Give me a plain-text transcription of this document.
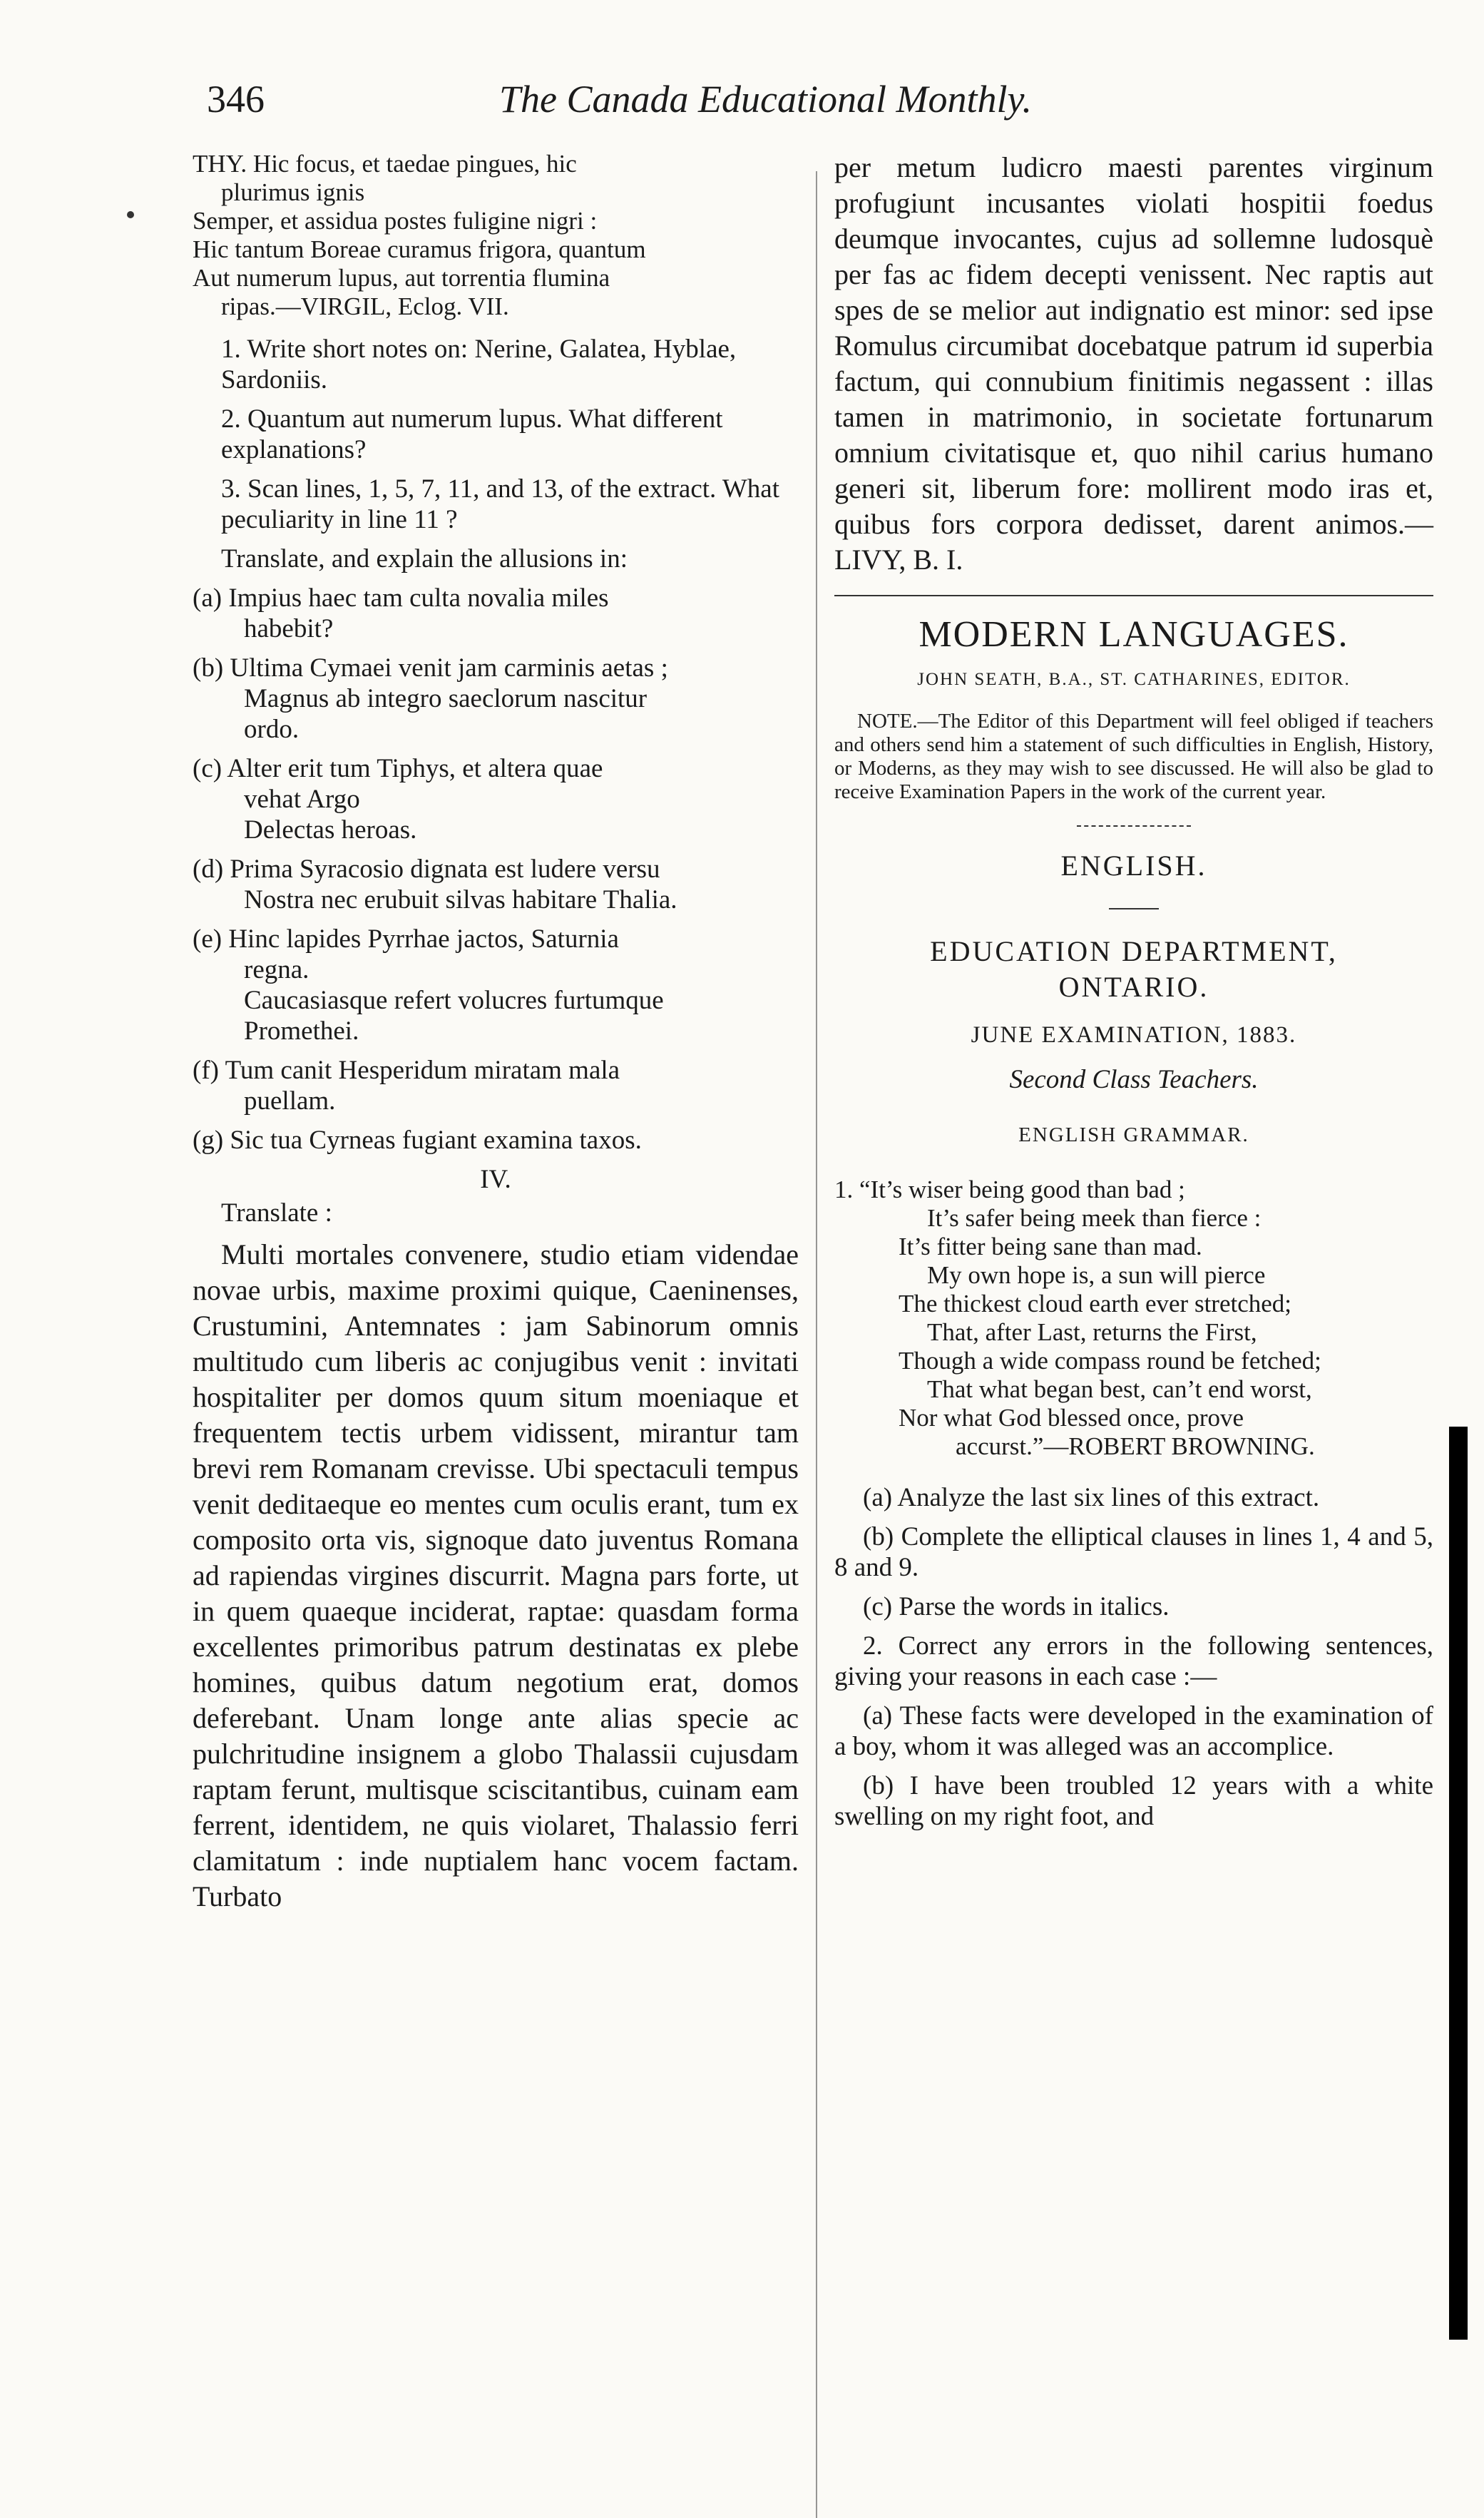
346	The Canada Educational Monthly.
THY. Hic focus, et taedae pingues, hic
plurimus ignis
Semper, et assidua postes fuligine nigri :
Hic tantum Boreae curamus frigora, quantum
Aut numerum lupus, aut torrentia flumina
ripas.—VIRGIL, Eclog. VII.

1. Write short notes on: Nerine, Galatea, Hyblae, Sardoniis.

2. Quantum aut numerum lupus. What different explanations?

3. Scan lines, 1, 5, 7, 11, and 13, of the extract. What peculiarity in line 11 ?

Translate, and explain the allusions in:

(a) Impius haec tam culta novalia miles
habebit?
(b) Ultima Cymaei venit jam carminis aetas ;
Magnus ab integro saeclorum nascitur
ordo.
(c) Alter erit tum Tiphys, et altera quae
vehat Argo
Delectas heroas.
(d) Prima Syracosio dignata est ludere versu
Nostra nec erubuit silvas habitare Thalia.
(e) Hinc lapides Pyrrhae jactos, Saturnia
regna.
Caucasiasque refert volucres furtumque
Promethei.
(f) Tum canit Hesperidum miratam mala
puellam.
(g) Sic tua Cyrneas fugiant examina taxos.
IV.

Translate :

Multi mortales convenere, studio etiam videndae novae urbis, maxime proximi quique, Caeninenses, Crustumini, Antemnates : jam Sabinorum omnis multitudo cum liberis ac conjugibus venit : invitati hospitaliter per domos quum situm moeniaque et frequentem tectis urbem vidissent, mirantur tam brevi rem Romanam crevisse. Ubi spectaculi tempus venit deditaeque eo mentes cum oculis erant, tum ex composito orta vis, signoque dato juventus Romana ad rapiendas virgines discurrit. Magna pars forte, ut in quem quaeque inciderat, raptae: quasdam forma excellentes primoribus patrum destinatas ex plebe homines, quibus datum negotium erat, domos deferebant. Unam longe ante alias specie ac pulchritudine insignem a globo Thalassii cujusdam raptam ferunt, multisque sciscitantibus, cuinam eam ferrent, identidem, ne quis violaret, Thalassio ferri clamitatum : inde nuptialem hanc vocem factam. Turbato

per metum ludicro maesti parentes virginum profugiunt incusantes violati hospitii foedus deumque invocantes, cujus ad sollemne ludosquè per fas ac fidem decepti venissent. Nec raptis aut spes de se melior aut indignatio est minor: sed ipse Romulus circumibat docebatque patrum id superbia factum, qui connubium finitimis negassent : illas tamen in matrimonio, in societate fortunarum omnium civitatisque et, quo nihil carius humano generi sit, liberum fore: mollirent modo iras et, quibus fors corpora dedisset, darent animos.—LIVY, B. I.

MODERN LANGUAGES.
JOHN SEATH, B.A., ST. CATHARINES, EDITOR.

NOTE.—The Editor of this Department will feel obliged if teachers and others send him a statement of such difficulties in English, History, or Moderns, as they may wish to see discussed. He will also be glad to receive Examination Papers in the work of the current year.

ENGLISH.
EDUCATION DEPARTMENT,
ONTARIO.
JUNE EXAMINATION, 1883.
Second Class Teachers.
ENGLISH GRAMMAR.
1. “It’s wiser being good than bad ;
It’s safer being meek than fierce :
It’s fitter being sane than mad.
My own hope is, a sun will pierce
The thickest cloud earth ever stretched;
That, after Last, returns the First,
Though a wide compass round be fetched;
That what began best, can’t end worst,
Nor what God blessed once, prove
accurst.”—ROBERT BROWNING.

(a) Analyze the last six lines of this extract.

(b) Complete the elliptical clauses in lines 1, 4 and 5, 8 and 9.

(c) Parse the words in italics.

2. Correct any errors in the following sentences, giving your reasons in each case :—

(a) These facts were developed in the examination of a boy, whom it was alleged was an accomplice.

(b) I have been troubled 12 years with a white swelling on my right foot, and
